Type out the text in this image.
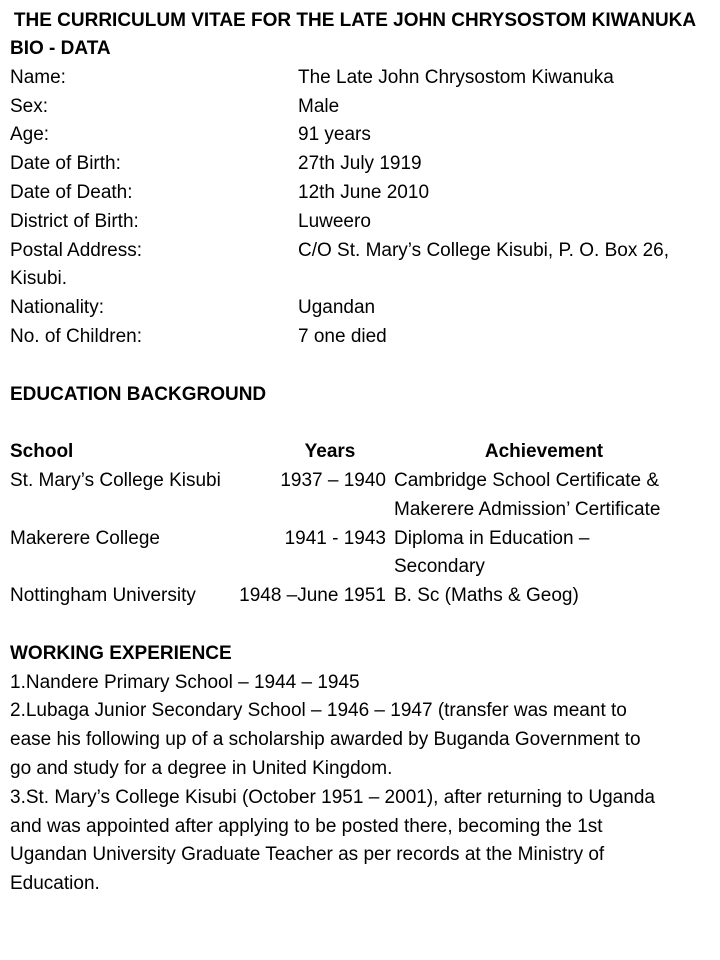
THE CURRICULUM VITAE FOR THE LATE JOHN CHRYSOSTOM KIWANUKA
BIO - DATA
Name:	The Late John Chrysostom Kiwanuka
Sex:	Male
Age:	91 years
Date of Birth:	27th July 1919
Date of Death:	12th June 2010
District of Birth:	Luweero
Postal Address:	C/O St. Mary’s College Kisubi, P. O. Box 26,
Kisubi.
Nationality:	Ugandan
No. of Children:	7 one died
EDUCATION BACKGROUND
School	Years	Achievement
St. Mary’s College Kisubi	1937 – 1940 Cambridge School Certificate &
Makerere Admission’ Certificate
Makerere College	1941 - 1943 Diploma in Education –
Secondary
Nottingham University	1948 –June 1951 B. Sc (Maths & Geog)
WORKING EXPERIENCE
1.Nandere Primary School – 1944 – 1945
2.Lubaga Junior Secondary School – 1946 – 1947 (transfer was meant to
ease his following up of a scholarship awarded by Buganda Government to
go and study for a degree in United Kingdom.
3.St. Mary’s College Kisubi (October 1951 – 2001), after returning to Uganda
and was appointed after applying to be posted there, becoming the 1st
Ugandan University Graduate Teacher as per records at the Ministry of
Education.
